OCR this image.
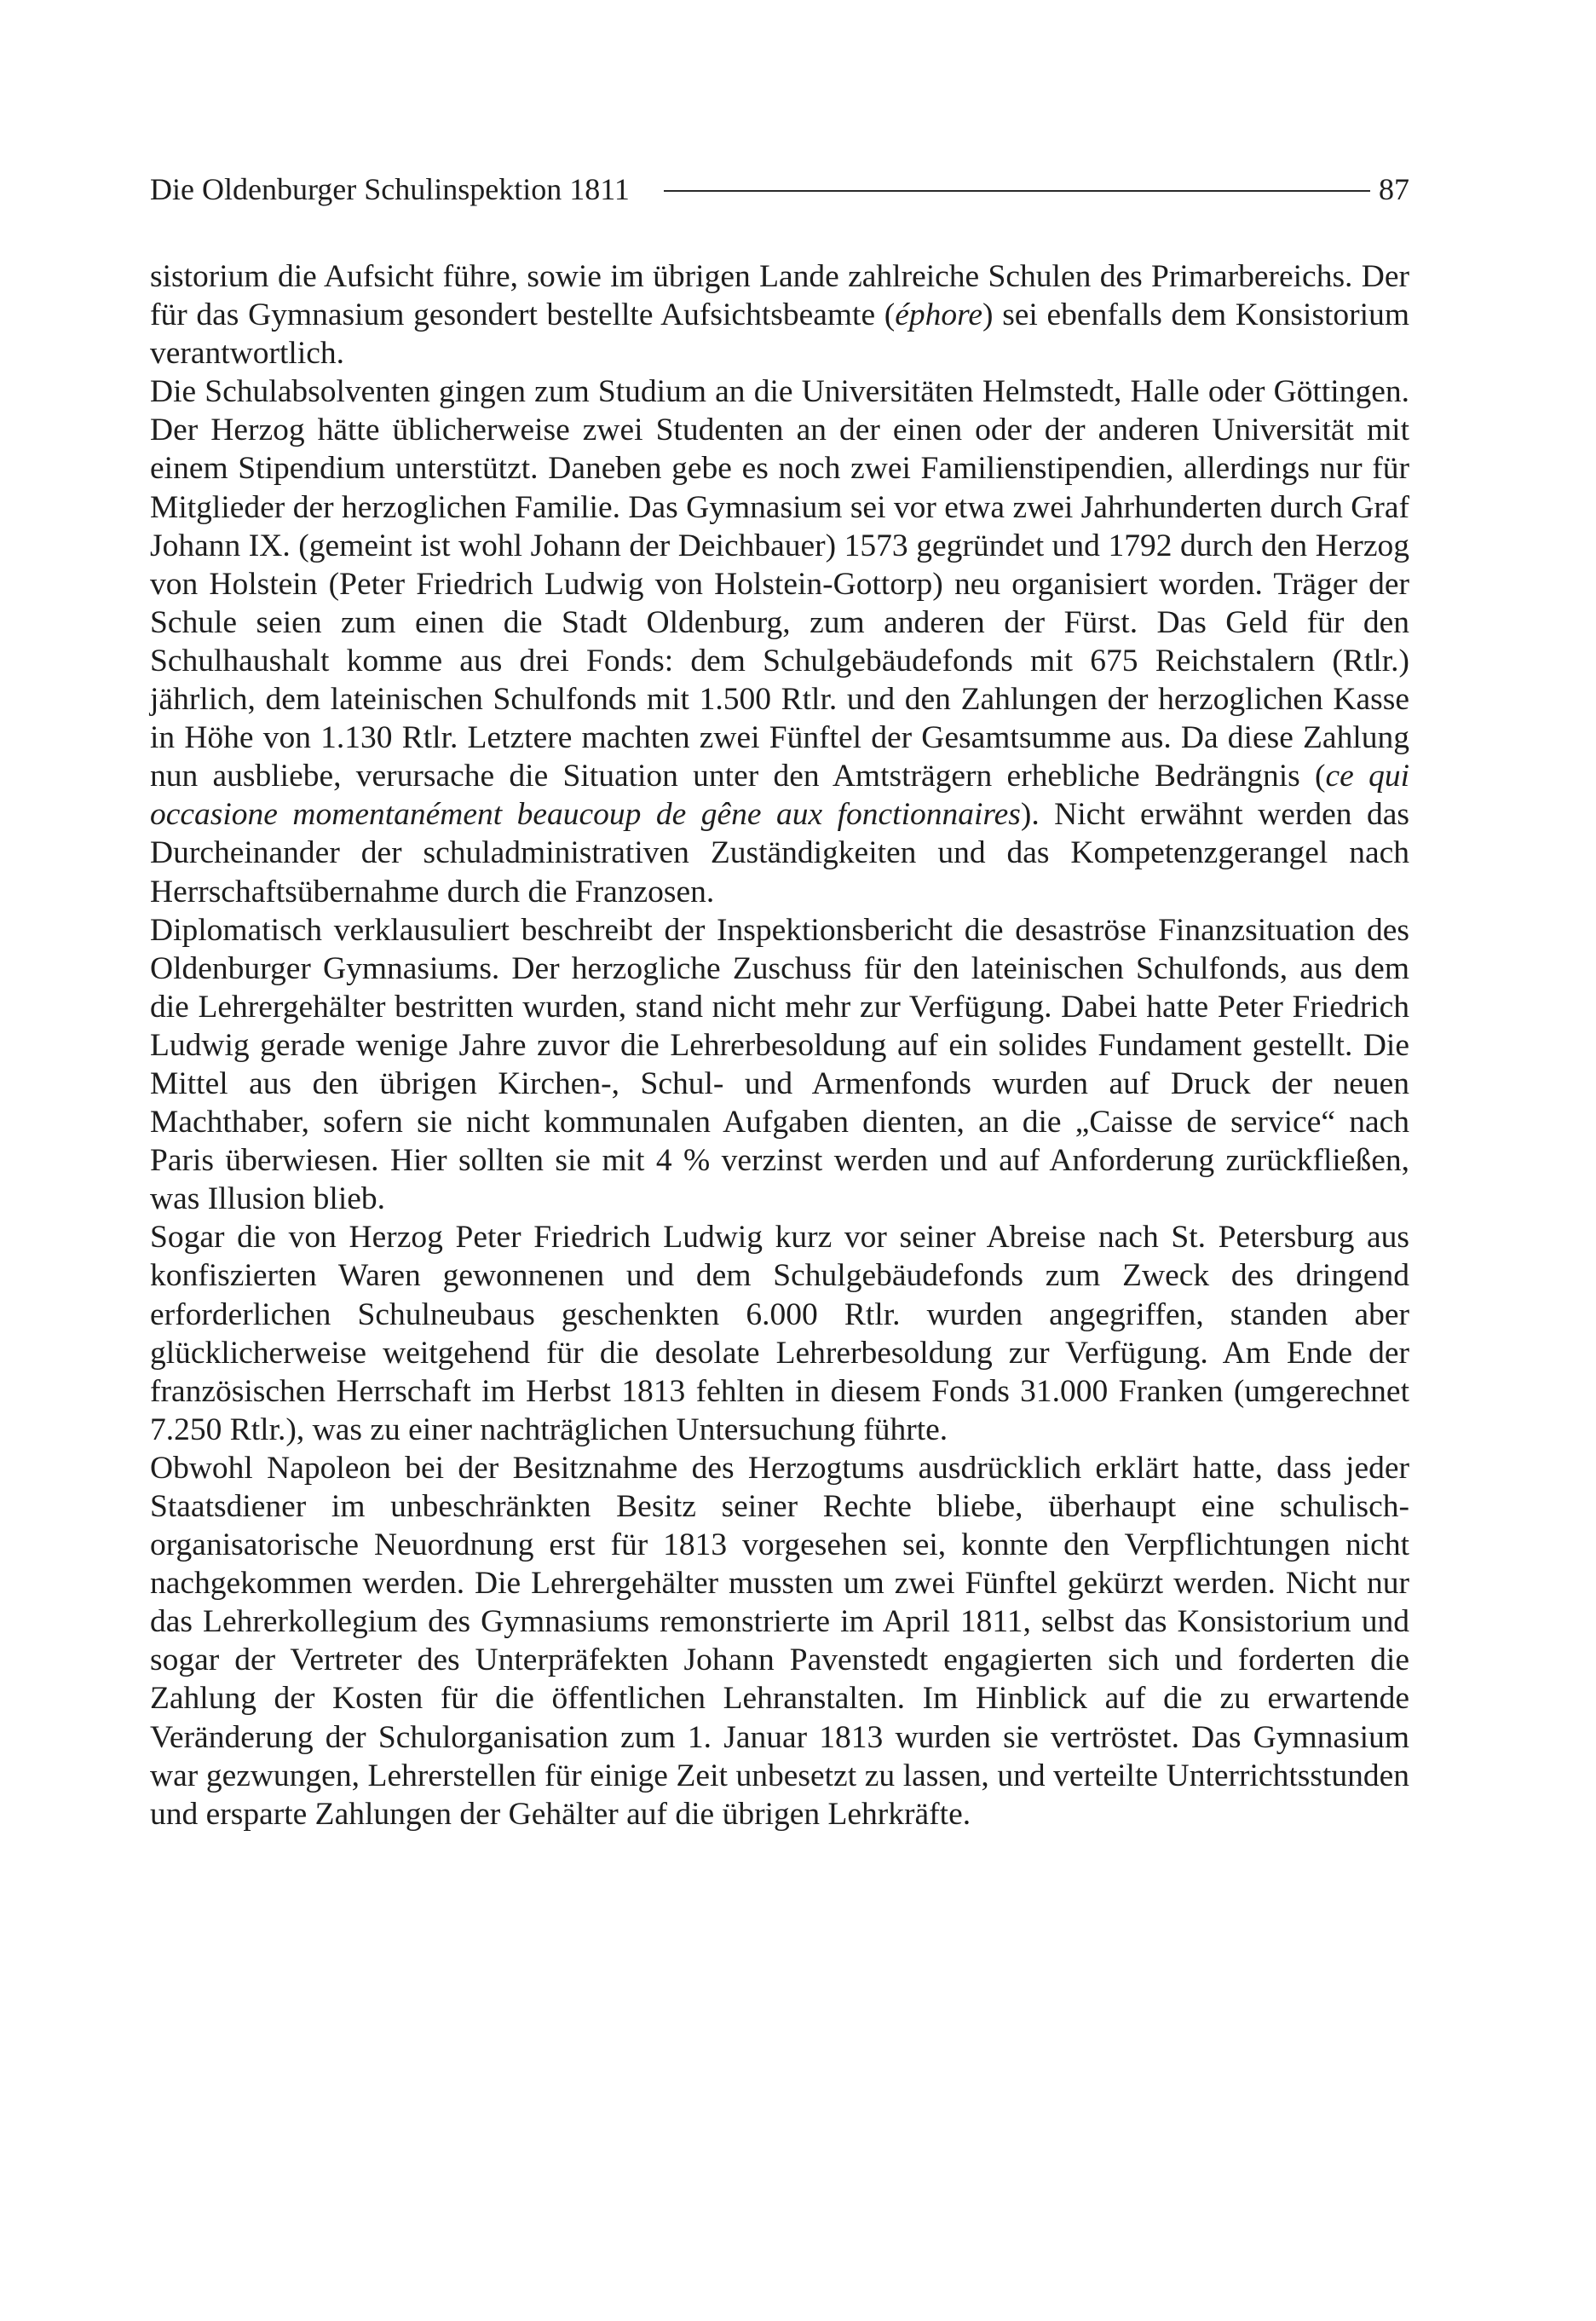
Die Oldenburger Schulinspektion 1811	87

sistorium die Aufsicht führe, sowie im übrigen Lande zahlreiche Schulen des Primarbereichs. Der für das Gymnasium gesondert bestellte Aufsichtsbeamte (éphore) sei ebenfalls dem Konsistorium verantwortlich.

Die Schulabsolventen gingen zum Studium an die Universitäten Helmstedt, Halle oder Göttingen. Der Herzog hätte üblicherweise zwei Studenten an der einen oder der anderen Universität mit einem Stipendium unterstützt. Daneben gebe es noch zwei Familienstipendien, allerdings nur für Mitglieder der herzoglichen Familie. Das Gymnasium sei vor etwa zwei Jahrhunderten durch Graf Johann IX. (gemeint ist wohl Johann der Deichbauer) 1573 gegründet und 1792 durch den Herzog von Holstein (Peter Friedrich Ludwig von Holstein-Gottorp) neu organisiert worden. Träger der Schule seien zum einen die Stadt Oldenburg, zum anderen der Fürst. Das Geld für den Schulhaushalt komme aus drei Fonds: dem Schulgebäudefonds mit 675 Reichstalern (Rtlr.) jährlich, dem lateinischen Schulfonds mit 1.500 Rtlr. und den Zahlungen der herzoglichen Kasse in Höhe von 1.130 Rtlr. Letztere machten zwei Fünftel der Gesamtsumme aus. Da diese Zahlung nun ausbliebe, verursache die Situation unter den Amtsträgern erhebliche Bedrängnis (ce qui occasione momentanément beaucoup de gêne aux fonctionnaires). Nicht erwähnt werden das Durcheinander der schuladministrativen Zuständigkeiten und das Kompetenzgerangel nach Herrschaftsübernahme durch die Franzosen.

Diplomatisch verklausuliert beschreibt der Inspektionsbericht die desaströse Finanzsituation des Oldenburger Gymnasiums. Der herzogliche Zuschuss für den lateinischen Schulfonds, aus dem die Lehrergehälter bestritten wurden, stand nicht mehr zur Verfügung. Dabei hatte Peter Friedrich Ludwig gerade wenige Jahre zuvor die Lehrerbesoldung auf ein solides Fundament gestellt. Die Mittel aus den übrigen Kirchen-, Schul- und Armenfonds wurden auf Druck der neuen Machthaber, sofern sie nicht kommunalen Aufgaben dienten, an die „Caisse de service“ nach Paris überwiesen. Hier sollten sie mit 4 % verzinst werden und auf Anforderung zurückfließen, was Illusion blieb.

Sogar die von Herzog Peter Friedrich Ludwig kurz vor seiner Abreise nach St. Petersburg aus konfiszierten Waren gewonnenen und dem Schulgebäudefonds zum Zweck des dringend erforderlichen Schulneubaus geschenkten 6.000 Rtlr. wurden angegriffen, standen aber glücklicherweise weitgehend für die desolate Lehrerbesoldung zur Verfügung. Am Ende der französischen Herrschaft im Herbst 1813 fehlten in diesem Fonds 31.000 Franken (umgerechnet 7.250 Rtlr.), was zu einer nachträglichen Untersuchung führte.

Obwohl Napoleon bei der Besitznahme des Herzogtums ausdrücklich erklärt hatte, dass jeder Staatsdiener im unbeschränkten Besitz seiner Rechte bliebe, überhaupt eine schulisch-organisatorische Neuordnung erst für 1813 vorgesehen sei, konnte den Verpflichtungen nicht nachgekommen werden. Die Lehrergehälter mussten um zwei Fünftel gekürzt werden. Nicht nur das Lehrerkollegium des Gymnasiums remonstrierte im April 1811, selbst das Konsistorium und sogar der Vertreter des Unterpräfekten Johann Pavenstedt engagierten sich und forderten die Zahlung der Kosten für die öffentlichen Lehranstalten. Im Hinblick auf die zu erwartende Veränderung der Schulorganisation zum 1. Januar 1813 wurden sie vertröstet. Das Gymnasium war gezwungen, Lehrerstellen für einige Zeit unbesetzt zu lassen, und verteilte Unterrichtsstunden und ersparte Zahlungen der Gehälter auf die übrigen Lehrkräfte.
